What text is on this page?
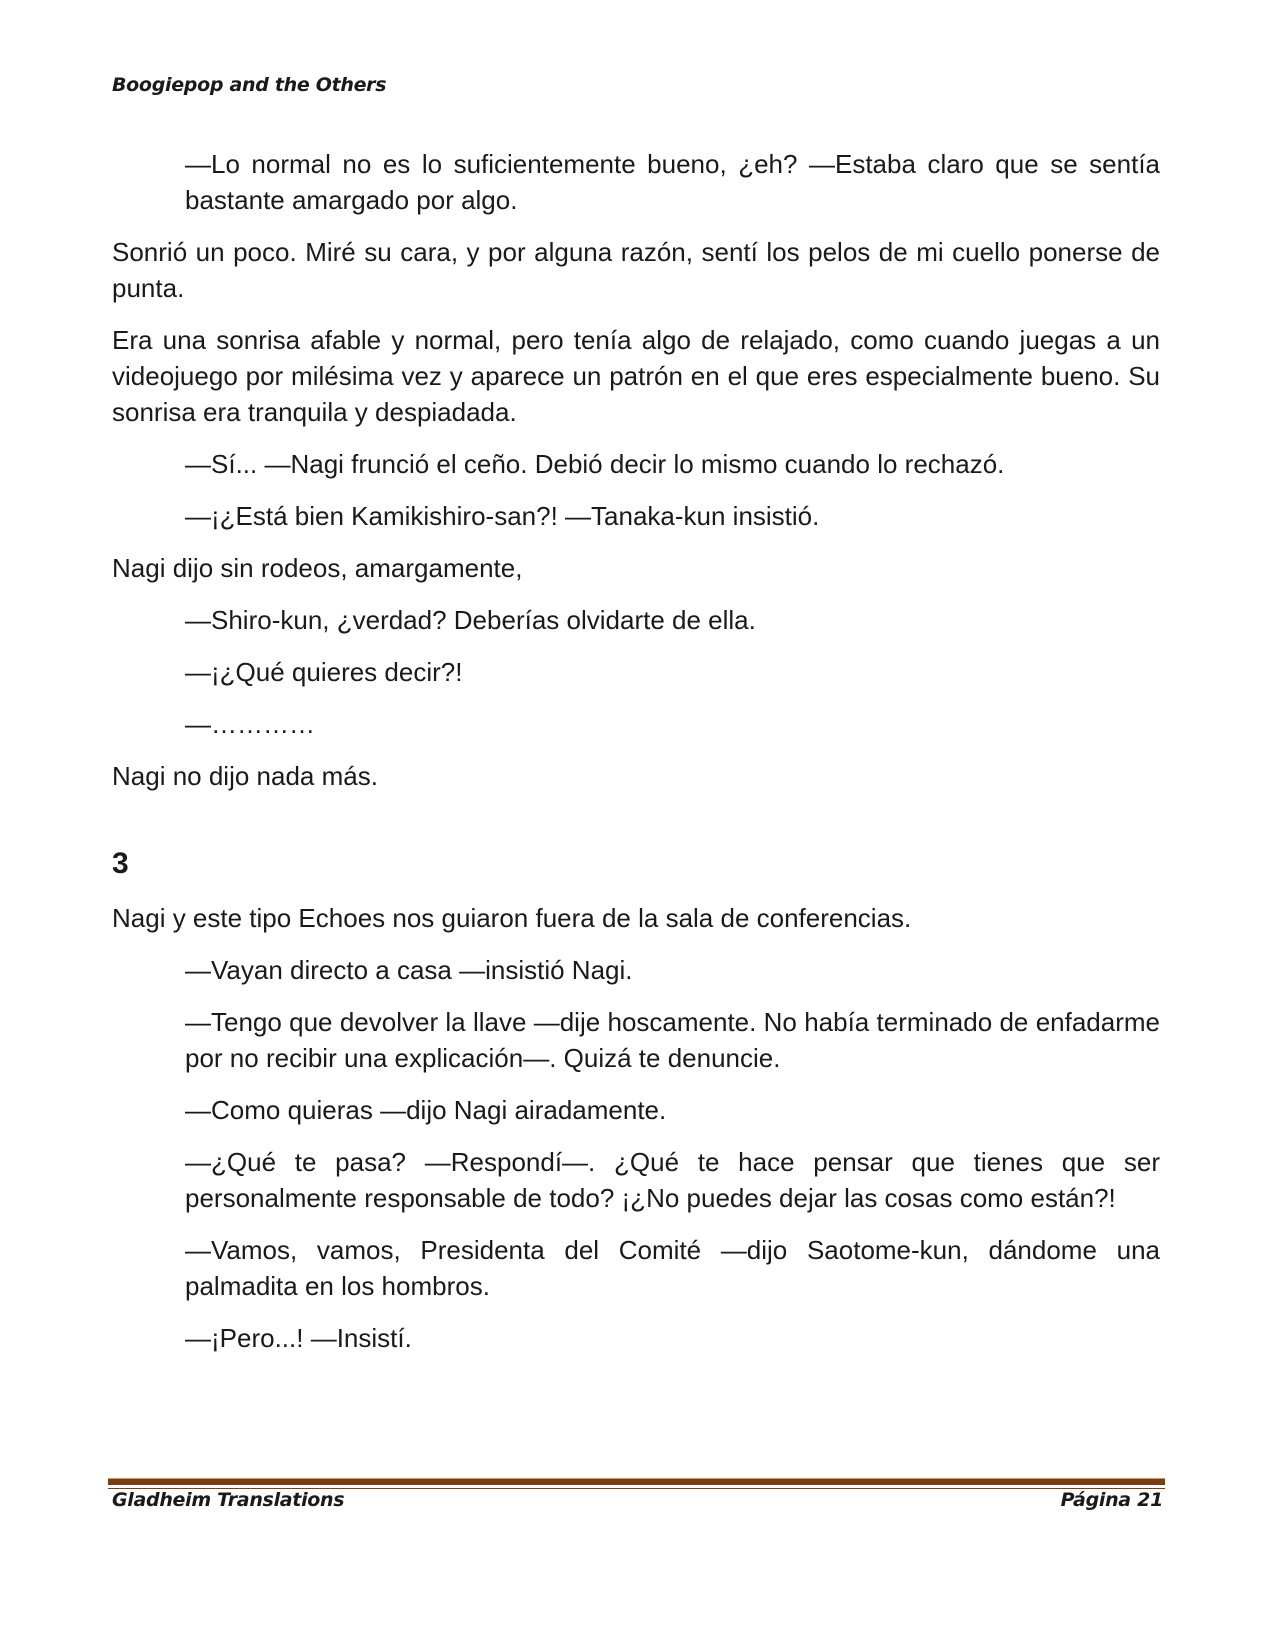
Boogiepop and the Others

—Lo normal no es lo suficientemente bueno, ¿eh? —Estaba claro que se sentía bastante amargado por algo.

Sonrió un poco. Miré su cara, y por alguna razón, sentí los pelos de mi cuello ponerse de punta.

Era una sonrisa afable y normal, pero tenía algo de relajado, como cuando juegas a un videojuego por milésima vez y aparece un patrón en el que eres especialmente bueno. Su sonrisa era tranquila y despiadada.

—Sí... —Nagi frunció el ceño. Debió decir lo mismo cuando lo rechazó.

—¡¿Está bien Kamikishiro-san?! —Tanaka-kun insistió.

Nagi dijo sin rodeos, amargamente,

—Shiro-kun, ¿verdad? Deberías olvidarte de ella.

—¡¿Qué quieres decir?!

—…………

Nagi no dijo nada más.

3

Nagi y este tipo Echoes nos guiaron fuera de la sala de conferencias.

—Vayan directo a casa —insistió Nagi.

—Tengo que devolver la llave —dije hoscamente. No había terminado de enfadarme por no recibir una explicación—. Quizá te denuncie.

—Como quieras —dijo Nagi airadamente.

—¿Qué te pasa? —Respondí—. ¿Qué te hace pensar que tienes que ser personalmente responsable de todo? ¡¿No puedes dejar las cosas como están?!

—Vamos, vamos, Presidenta del Comité —dijo Saotome-kun, dándome una palmadita en los hombros.

—¡Pero...! —Insistí.

Gladheim Translations	Página 21
